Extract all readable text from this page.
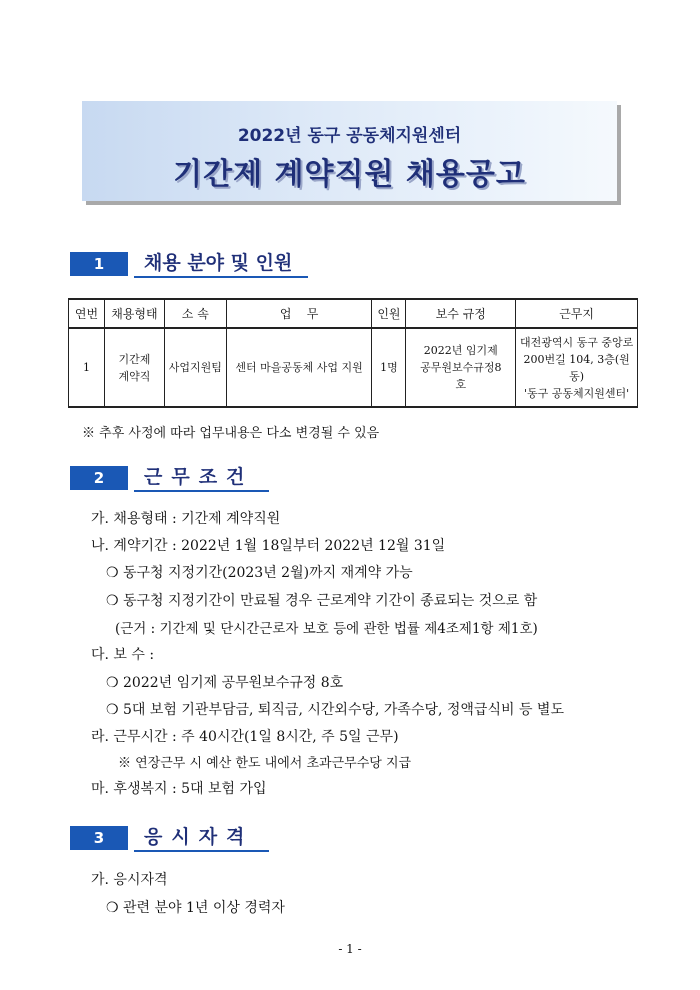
2022년 동구 공동체지원센터
기간제 계약직원 채용공고
1	채용 분야 및 인원
연번	채용형태	소 속	업    무	인원	보수 규정	근무지
1	기간제 계약직	사업지원팀	센터 마을공동체 사업 지원	1명	2022년 임기제 공무원보수규정8호	대전광역시 동구 중앙로
200번길 104, 3층(원동)
'동구 공동체지원센터'
※ 추후 사정에 따라 업무내용은 다소 변경될 수 있음
2	근무조건
가. 채용형태 : 기간제 계약직원
나. 계약기간 : 2022년 1월 18일부터 2022년 12월 31일
❍ 동구청 지정기간(2023년 2월)까지 재계약 가능
❍ 동구청 지정기간이 만료될 경우 근로계약 기간이 종료되는 것으로 함
(근거 : 기간제 및 단시간근로자 보호 등에 관한 법률 제4조제1항 제1호)
다. 보 수 :
❍ 2022년 임기제 공무원보수규정 8호
❍ 5대 보험 기관부담금, 퇴직금, 시간외수당, 가족수당, 정액급식비 등 별도
라. 근무시간 : 주 40시간(1일 8시간, 주 5일 근무)
※ 연장근무 시 예산 한도 내에서 초과근무수당 지급
마. 후생복지 : 5대 보험 가입
3	응시자격
가. 응시자격
❍ 관련 분야 1년 이상 경력자
- 1 -
